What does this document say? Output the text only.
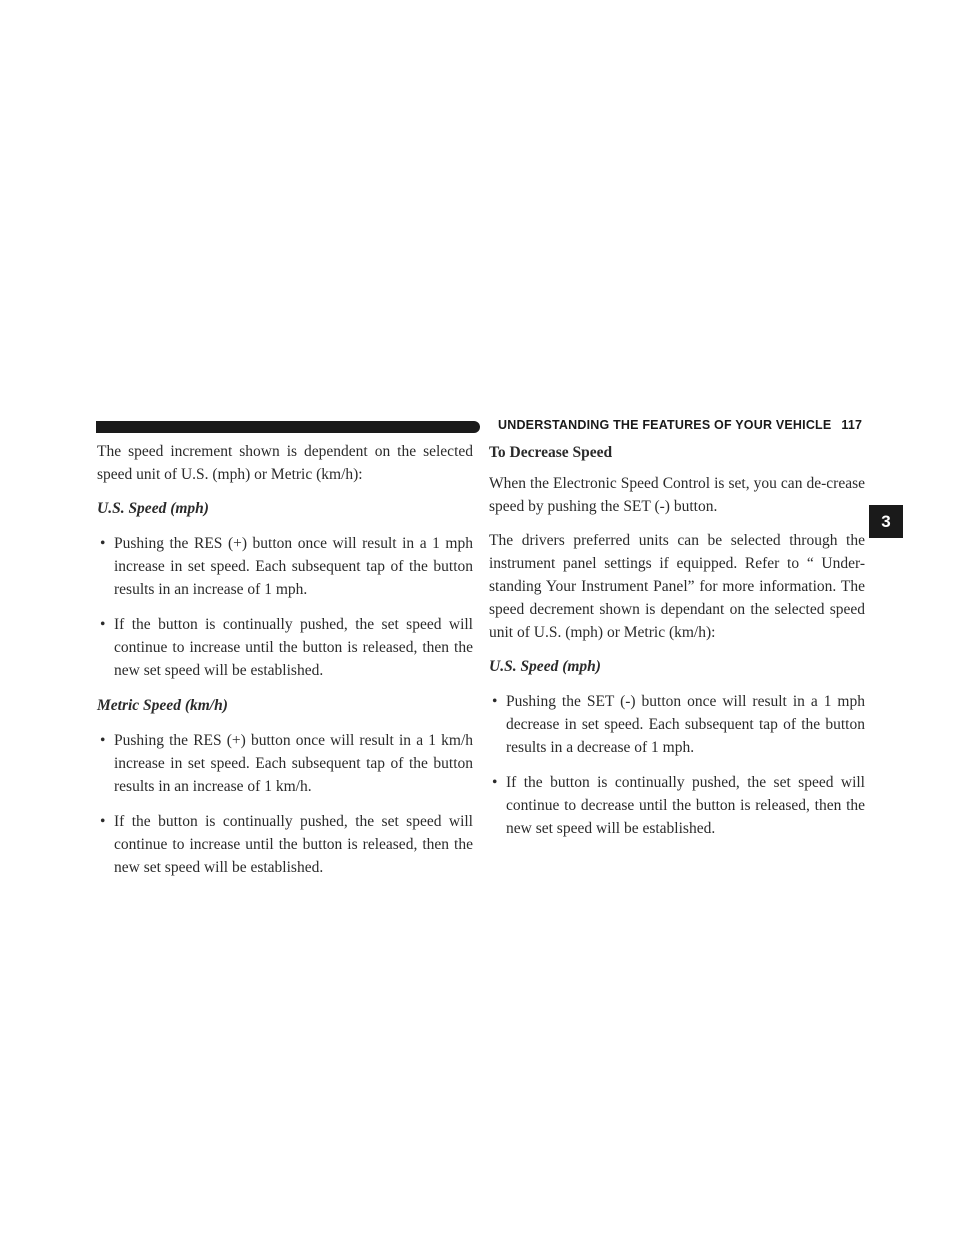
UNDERSTANDING THE FEATURES OF YOUR VEHICLE 117
3

The speed increment shown is dependent on the selected speed unit of U.S. (mph) or Metric (km/h):

U.S. Speed (mph)

• Pushing the RES (+) button once will result in a 1 mph increase in set speed. Each subsequent tap of the button results in an increase of 1 mph.
• If the button is continually pushed, the set speed will continue to increase until the button is released, then the new set speed will be established.

Metric Speed (km/h)

• Pushing the RES (+) button once will result in a 1 km/h increase in set speed. Each subsequent tap of the button results in an increase of 1 km/h.
• If the button is continually pushed, the set speed will continue to increase until the button is released, then the new set speed will be established.

To Decrease Speed

When the Electronic Speed Control is set, you can de-crease speed by pushing the SET (-) button.

The drivers preferred units can be selected through the instrument panel settings if equipped. Refer to “ Under-standing Your Instrument Panel” for more information. The speed decrement shown is dependant on the selected speed unit of U.S. (mph) or Metric (km/h):

U.S. Speed (mph)

• Pushing the SET (-) button once will result in a 1 mph decrease in set speed. Each subsequent tap of the button results in a decrease of 1 mph.
• If the button is continually pushed, the set speed will continue to decrease until the button is released, then the new set speed will be established.
